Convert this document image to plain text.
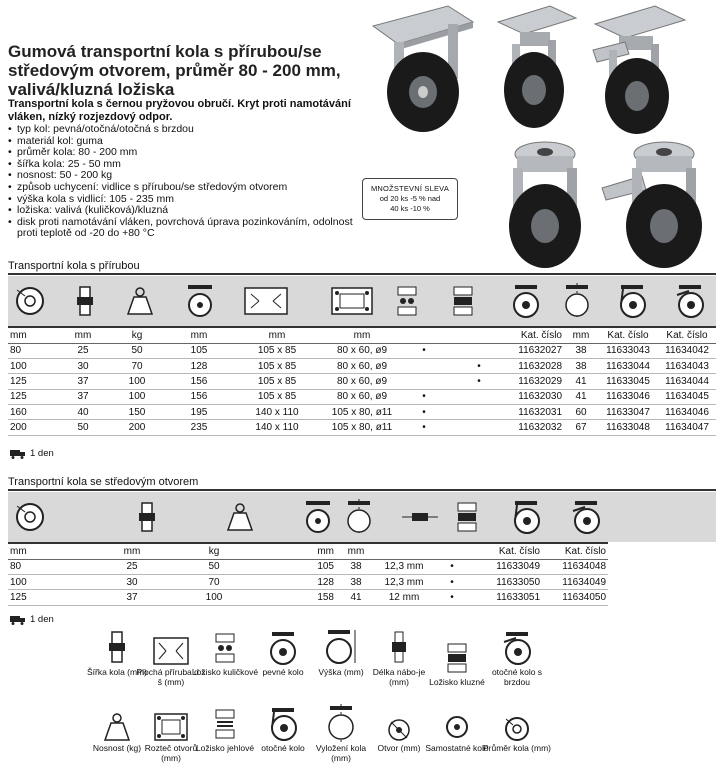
Gumová transportní kola s přírubou/se středovým otvorem, průměr 80 - 200 mm, valivá/kluzná ložiska
Transportní kola s černou pryžovou obručí. Kryt proti namotávání vláken, nízký rozjezdový odpor.
• typ kol: pevná/otočná/otočná s brzdou
• materiál kol: guma
• průměr kola: 80 - 200 mm
• šířka kola: 25 - 50 mm
• nosnost: 50 - 200 kg
• způsob uchycení: vidlice s přírubou/se středovým otvorem
• výška kola s vidlicí: 105 - 235 mm
• ložiska: valivá (kuličková)/kluzná
• disk proti namotávání vláken, povrchová úprava pozinkováním, odolnost proti teplotě od -20 do +80 °C
MNOŽSTEVNÍ SLEVA
od 20 ks -5 % nad
40 ks -10 %
Transportní kola s přírubou
mm	mm	kg	mm	mm	mm			Kat. číslo	mm	Kat. číslo	Kat. číslo
80	25	50	105	105 x 85	80 x 60, ø9	•		11632027	38	11633043	11634042
100	30	70	128	105 x 85	80 x 60, ø9		•	11632028	38	11633044	11634043
125	37	100	156	105 x 85	80 x 60, ø9		•	11632029	41	11633045	11634044
125	37	100	156	105 x 85	80 x 60, ø9	•		11632030	41	11633046	11634045
160	40	150	195	140 x 110	105 x 80, ø11	•		11632031	60	11633047	11634046
200	50	200	235	140 x 110	105 x 80, ø11	•		11632032	67	11633048	11634047
1 den
Transportní kola se středovým otvorem
mm	mm	kg	mm	mm			Kat. číslo	Kat. číslo
80	25	50	105	38	12,3 mm	•	11633049	11634048
100	30	70	128	38	12,3 mm	•	11633050	11634049
125	37	100	158	41	12 mm	•	11633051	11634050
1 den
Šířka kola (mm)
Plochá příruba d x š (mm)
Ložisko kuličkové pevné kolo	Výška (mm)	Délka nábo-je (mm)	Ložisko kluzné
otočné kolo s brzdou
Nosnost (kg) Rozteč otvorů (mm)
Ložisko jehlové otočné kolo	Vyložení kola (mm)
Otvor (mm) Samostatné kolo
Průměr kola (mm)
